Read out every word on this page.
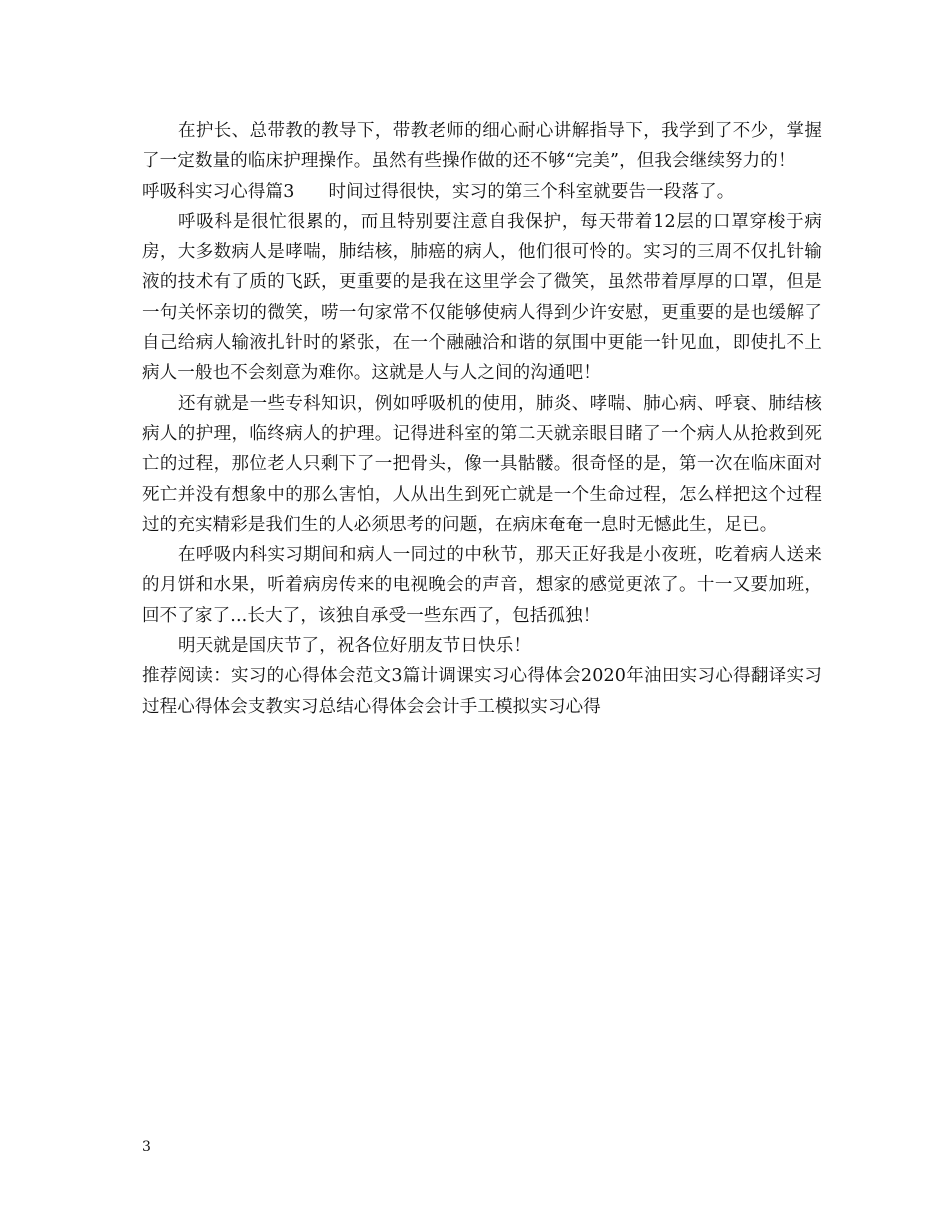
在护长、总带教的教导下，带教老师的细心耐心讲解指导下，我学到了不少，掌握了一定数量的临床护理操作。虽然有些操作做的还不够“完美”，但我会继续努力的！

呼吸科实习心得篇3 时间过得很快，实习的第三个科室就要告一段落了。

呼吸科是很忙很累的，而且特别要注意自我保护，每天带着12层的口罩穿梭于病房，大多数病人是哮喘，肺结核，肺癌的病人，他们很可怜的。实习的三周不仅扎针输液的技术有了质的飞跃，更重要的是我在这里学会了微笑，虽然带着厚厚的口罩，但是一句关怀亲切的微笑，唠一句家常不仅能够使病人得到少许安慰，更重要的是也缓解了自己给病人输液扎针时的紧张，在一个融融洽和谐的氛围中更能一针见血，即使扎不上病人一般也不会刻意为难你。这就是人与人之间的沟通吧！

还有就是一些专科知识，例如呼吸机的使用，肺炎、哮喘、肺心病、呼衰、肺结核病人的护理，临终病人的护理。记得进科室的第二天就亲眼目睹了一个病人从抢救到死亡的过程，那位老人只剩下了一把骨头，像一具骷髅。很奇怪的是，第一次在临床面对死亡并没有想象中的那么害怕，人从出生到死亡就是一个生命过程，怎么样把这个过程过的充实精彩是我们生的人必须思考的问题，在病床奄奄一息时无憾此生，足已。

在呼吸内科实习期间和病人一同过的中秋节，那天正好我是小夜班，吃着病人送来的月饼和水果，听着病房传来的电视晚会的声音，想家的感觉更浓了。十一又要加班，回不了家了...长大了，该独自承受一些东西了，包括孤独！

明天就是国庆节了，祝各位好朋友节日快乐！

推荐阅读：实习的心得体会范文3篇计调课实习心得体会2020年油田实习心得翻译实习过程心得体会支教实习总结心得体会会计手工模拟实习心得

3
